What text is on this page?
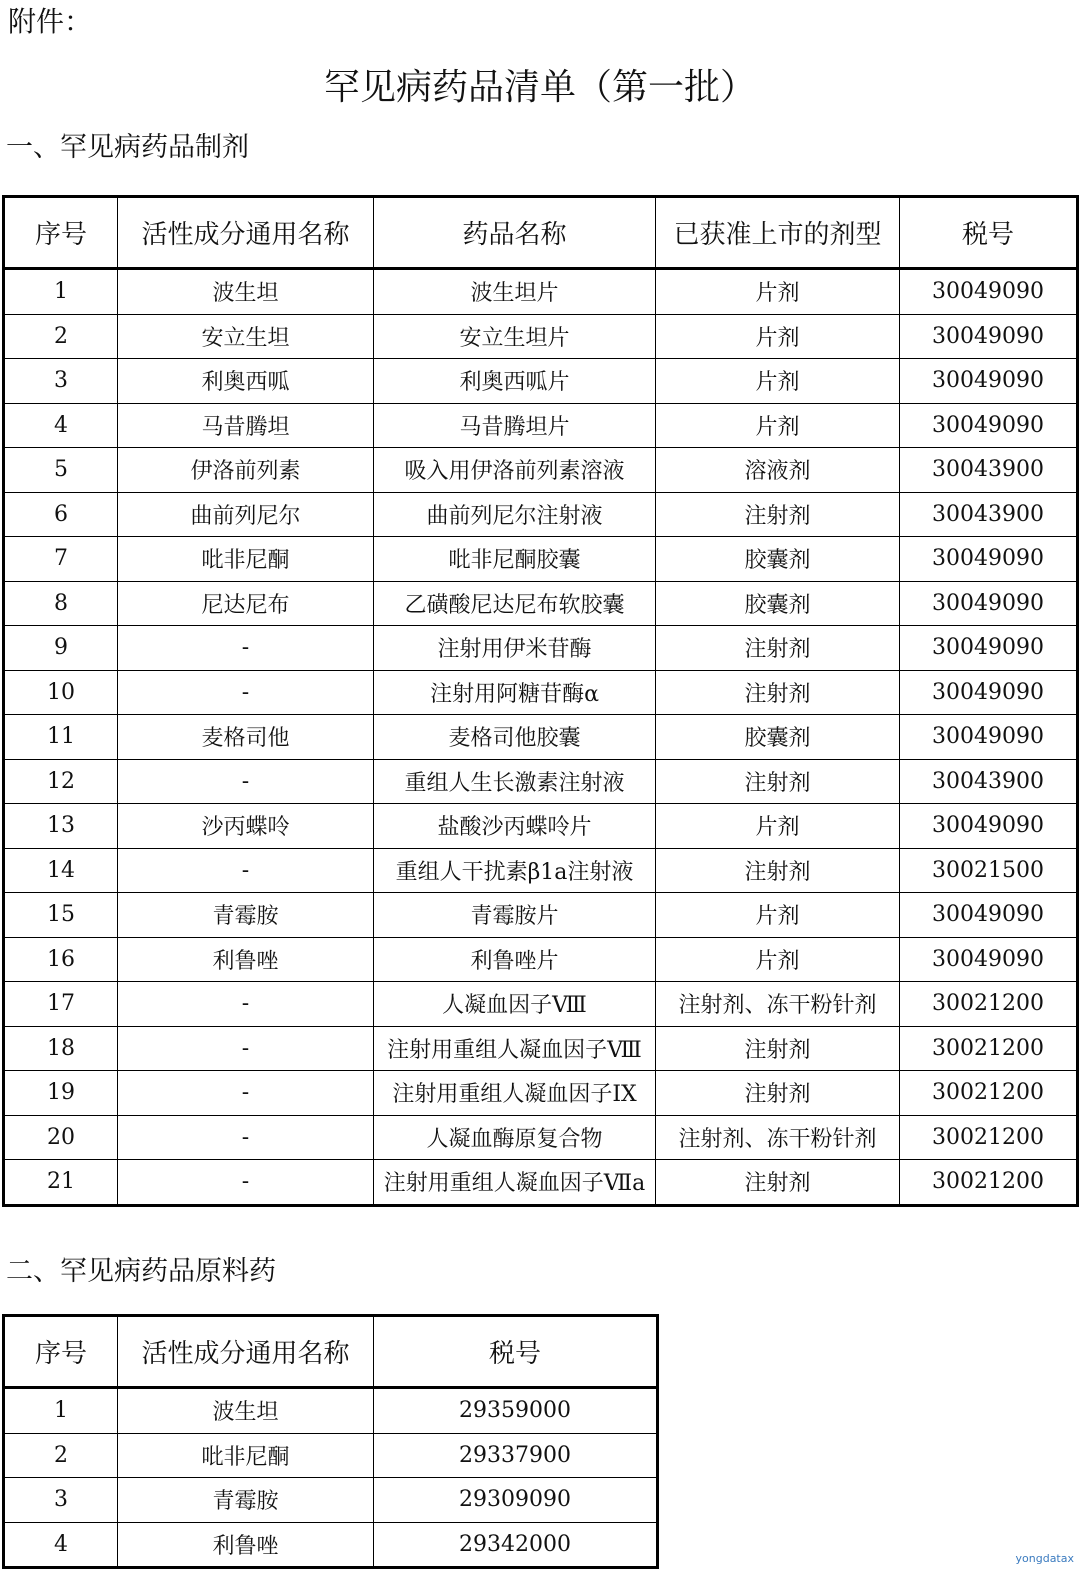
附件：
罕见病药品清单（第一批）
一、罕见病药品制剂
序号	活性成分通用名称	药品名称	已获准上市的剂型	税号
1	波生坦	波生坦片	片剂	30049090
2	安立生坦	安立生坦片	片剂	30049090
3	利奥西呱	利奥西呱片	片剂	30049090
4	马昔腾坦	马昔腾坦片	片剂	30049090
5	伊洛前列素	吸入用伊洛前列素溶液	溶液剂	30043900
6	曲前列尼尔	曲前列尼尔注射液	注射剂	30043900
7	吡非尼酮	吡非尼酮胶囊	胶囊剂	30049090
8	尼达尼布	乙磺酸尼达尼布软胶囊	胶囊剂	30049090
9	-	注射用伊米苷酶	注射剂	30049090
10	-	注射用阿糖苷酶α	注射剂	30049090
11	麦格司他	麦格司他胶囊	胶囊剂	30049090
12	-	重组人生长激素注射液	注射剂	30043900
13	沙丙蝶呤	盐酸沙丙蝶呤片	片剂	30049090
14	-	重组人干扰素β1a注射液	注射剂	30021500
15	青霉胺	青霉胺片	片剂	30049090
16	利鲁唑	利鲁唑片	片剂	30049090
17	-	人凝血因子Ⅷ	注射剂、冻干粉针剂	30021200
18	-	注射用重组人凝血因子Ⅷ	注射剂	30021200
19	-	注射用重组人凝血因子IX	注射剂	30021200
20	-	人凝血酶原复合物	注射剂、冻干粉针剂	30021200
21	-	注射用重组人凝血因子Ⅶa	注射剂	30021200
二、罕见病药品原料药
序号	活性成分通用名称	税号
1	波生坦	29359000
2	吡非尼酮	29337900
3	青霉胺	29309090
4	利鲁唑	29342000
yongdatax
